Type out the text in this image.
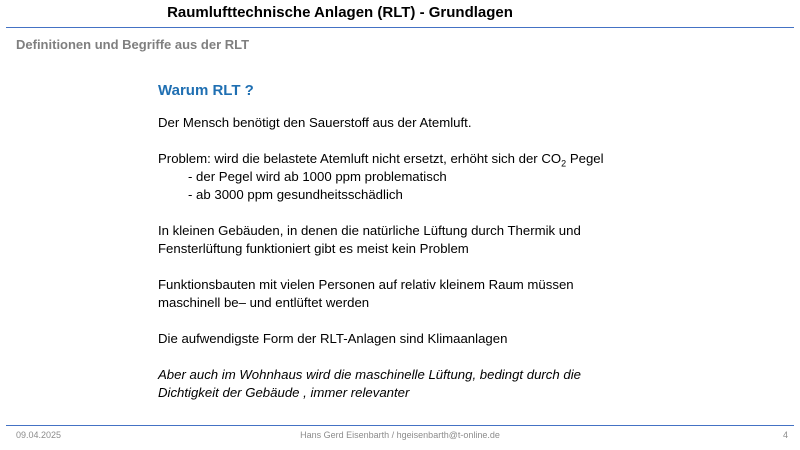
Raumlufttechnische Anlagen (RLT) - Grundlagen
Definitionen und Begriffe aus der RLT
Warum RLT ?
Der Mensch benötigt den Sauerstoff aus der Atemluft.
Problem: wird die belastete Atemluft nicht ersetzt, erhöht sich der $CO_2$ Pegel
- der Pegel wird ab 1000 ppm problematisch
- ab 3000 ppm gesundheitsschädlich
In kleinen Gebäuden, in denen die natürliche Lüftung durch Thermik und
Fensterlüftung funktioniert gibt es meist kein Problem
Funktionsbauten mit vielen Personen auf relativ kleinem Raum müssen
maschinell be– und entlüftet werden
Die aufwendigste Form der RLT-Anlagen sind Klimaanlagen
Aber auch im Wohnhaus wird die maschinelle Lüftung, bedingt durch die
Dichtigkeit der Gebäude , immer relevanter
09.04.2025	Hans Gerd Eisenbarth / hgeisenbarth@t-online.de	4
